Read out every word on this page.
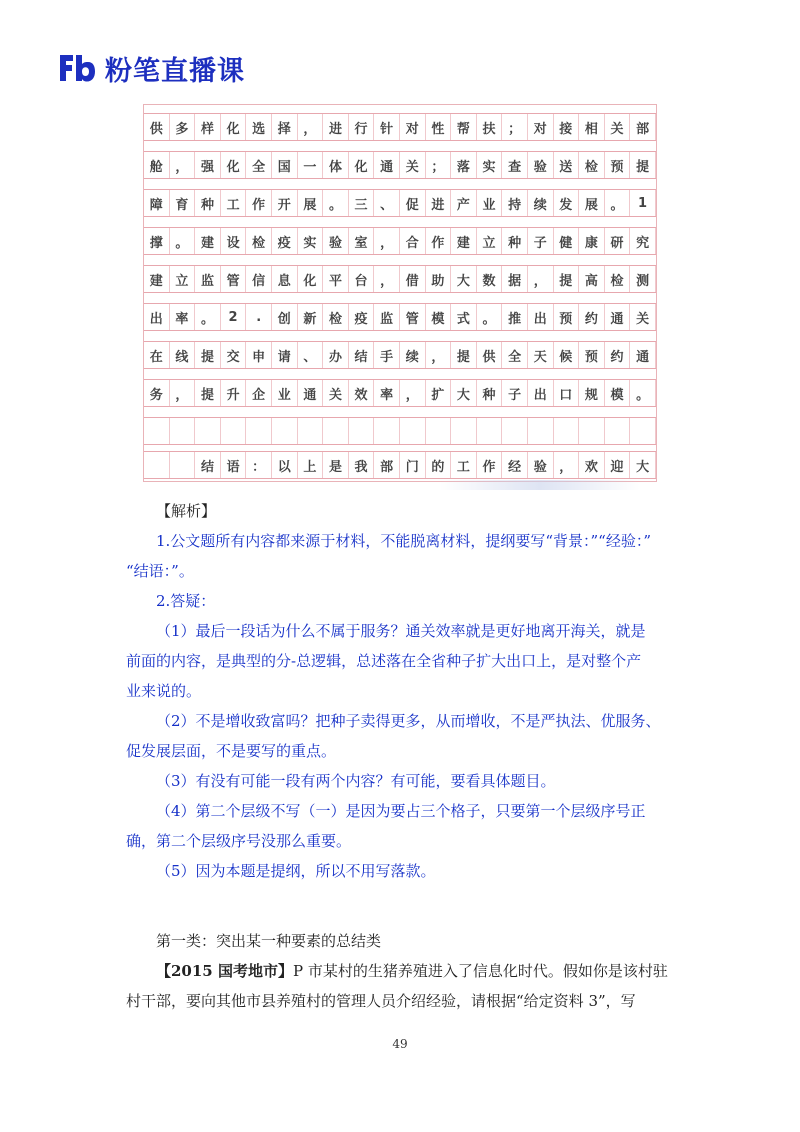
粉笔直播课
供 多 样 化 选 择 ， 进 行 针 对 性 帮 扶 ； 对 接 相 关 部
舱 ， 强 化 全 国 一 体 化 通 关 ； 落 实 查 验 送 检 预 提
障 育 种 工 作 开 展 。 三 、 促 进 产 业 持 续 发 展 。	1
撑 。 建 设 检 疫 实 验 室 ， 合 作 建 立 种 子 健 康 研 究
建 立 监 管 信 息 化 平 台 ， 借 助 大 数 据 ， 提 高 检 测
出 率 。	2	.	创 新 检 疫 监 管 模 式 。 推 出 预 约 通 关
在 线 提 交 申 请 、 办 结 手 续 ， 提 供 全 天 候 预 约 通
务 ， 提 升 企 业 通 关 效 率 ， 扩 大 种 子 出 口 规 模 。
结 语 ： 以 上 是 我 部 门 的 工 作 经 验 ， 欢 迎 大

【解析】

1.公文题所有内容都来源于材料，不能脱离材料，提纲要写“背景：”“经验：”

“结语：”。

2.答疑：

（1）最后一段话为什么不属于服务？通关效率就是更好地离开海关，就是

前面的内容，是典型的分-总逻辑，总述落在全省种子扩大出口上，是对整个产

业来说的。

（2）不是增收致富吗？把种子卖得更多，从而增收，不是严执法、优服务、

促发展层面，不是要写的重点。

（3）有没有可能一段有两个内容？有可能，要看具体题目。

（4）第二个层级不写（一）是因为要占三个格子，只要第一个层级序号正

确，第二个层级序号没那么重要。

（5）因为本题是提纲，所以不用写落款。

第一类：突出某一种要素的总结类

【2015 国考地市】P 市某村的生猪养殖进入了信息化时代。假如你是该村驻

村干部，要向其他市县养殖村的管理人员介绍经验，请根据“给定资料 3”，写

49
